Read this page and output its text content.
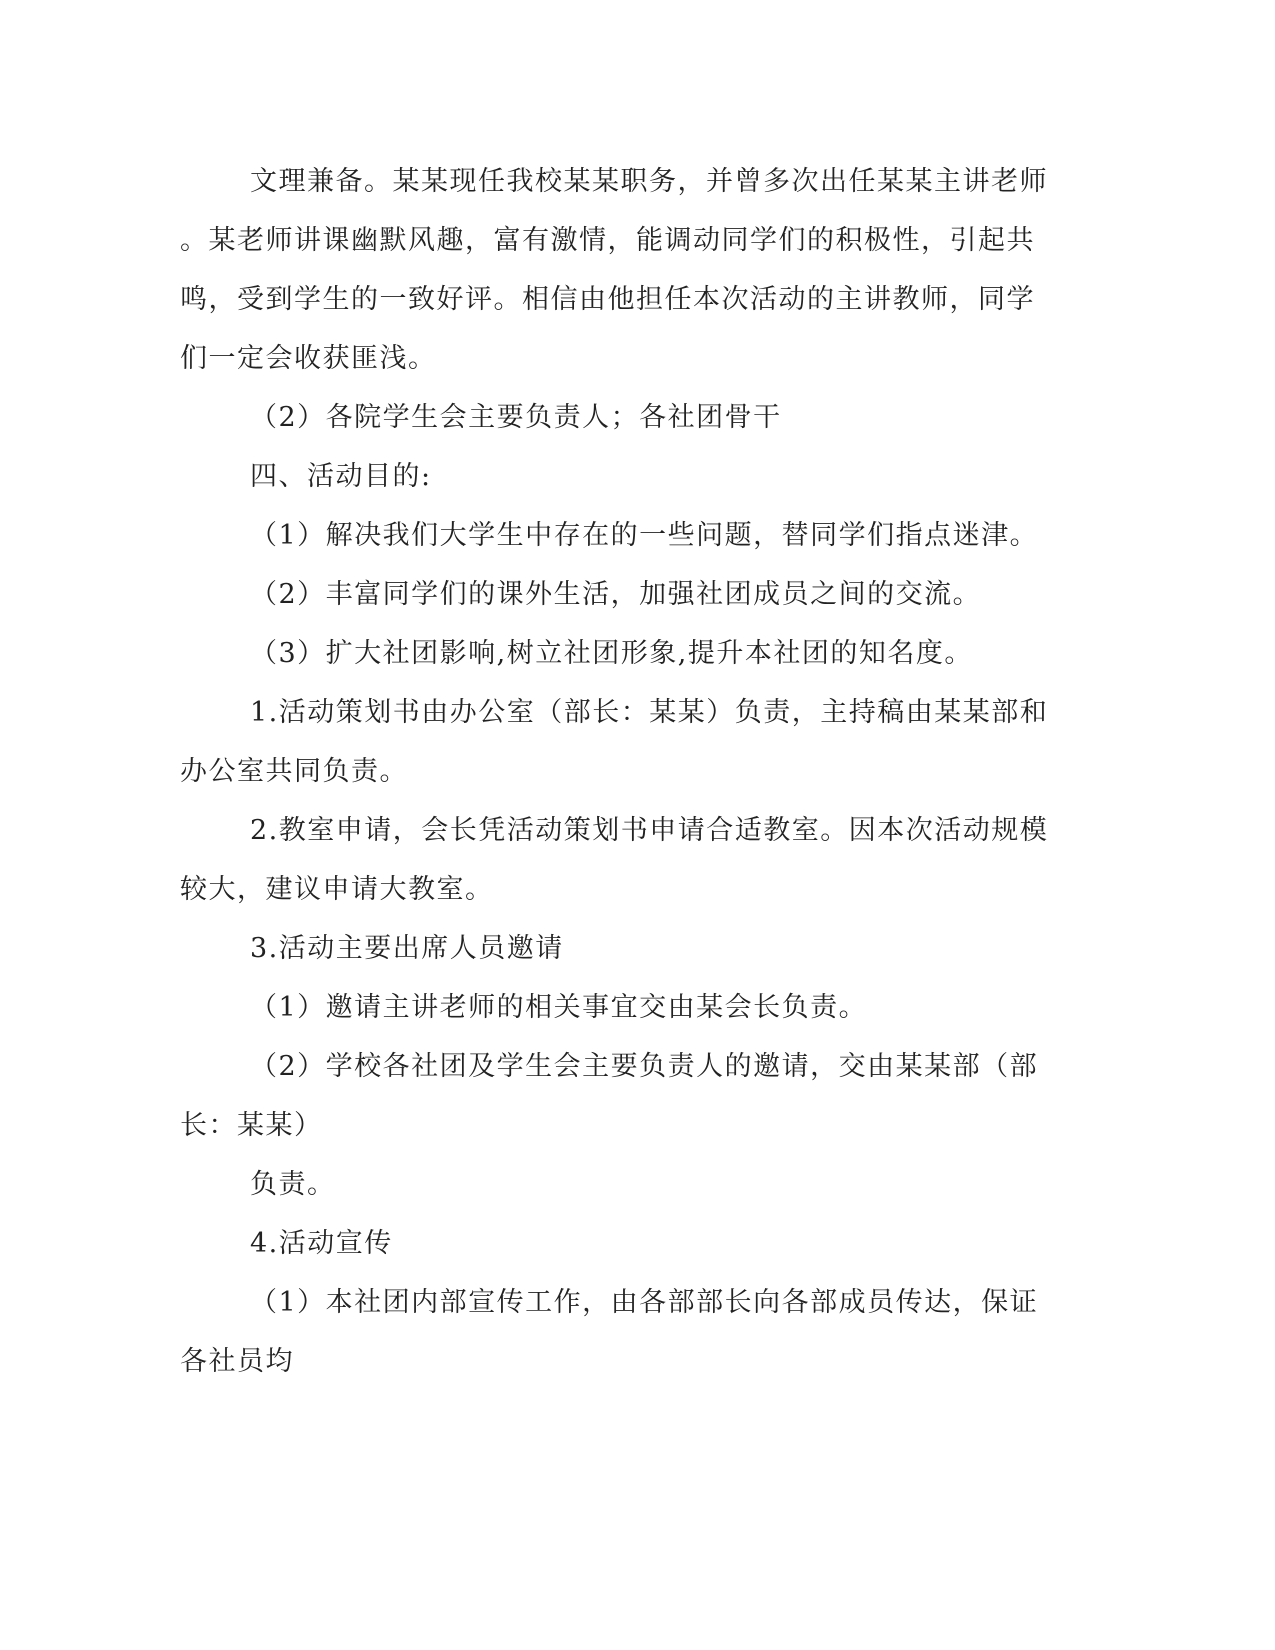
文理兼备。某某现任我校某某职务，并曾多次出任某某主讲老师
。某老师讲课幽默风趣，富有激情，能调动同学们的积极性，引起共
鸣，受到学生的一致好评。相信由他担任本次活动的主讲教师，同学
们一定会收获匪浅。
（2）各院学生会主要负责人；各社团骨干
四、活动目的:
（1）解决我们大学生中存在的一些问题，替同学们指点迷津。
（2）丰富同学们的课外生活，加强社团成员之间的交流。
（3）扩大社团影响,树立社团形象,提升本社团的知名度。
1.活动策划书由办公室（部长：某某）负责，主持稿由某某部和
办公室共同负责。
2.教室申请，会长凭活动策划书申请合适教室。因本次活动规模
较大，建议申请大教室。
3.活动主要出席人员邀请
（1）邀请主讲老师的相关事宜交由某会长负责。
（2）学校各社团及学生会主要负责人的邀请，交由某某部（部
长：某某）
负责。
4.活动宣传
（1）本社团内部宣传工作，由各部部长向各部成员传达，保证
各社员均
